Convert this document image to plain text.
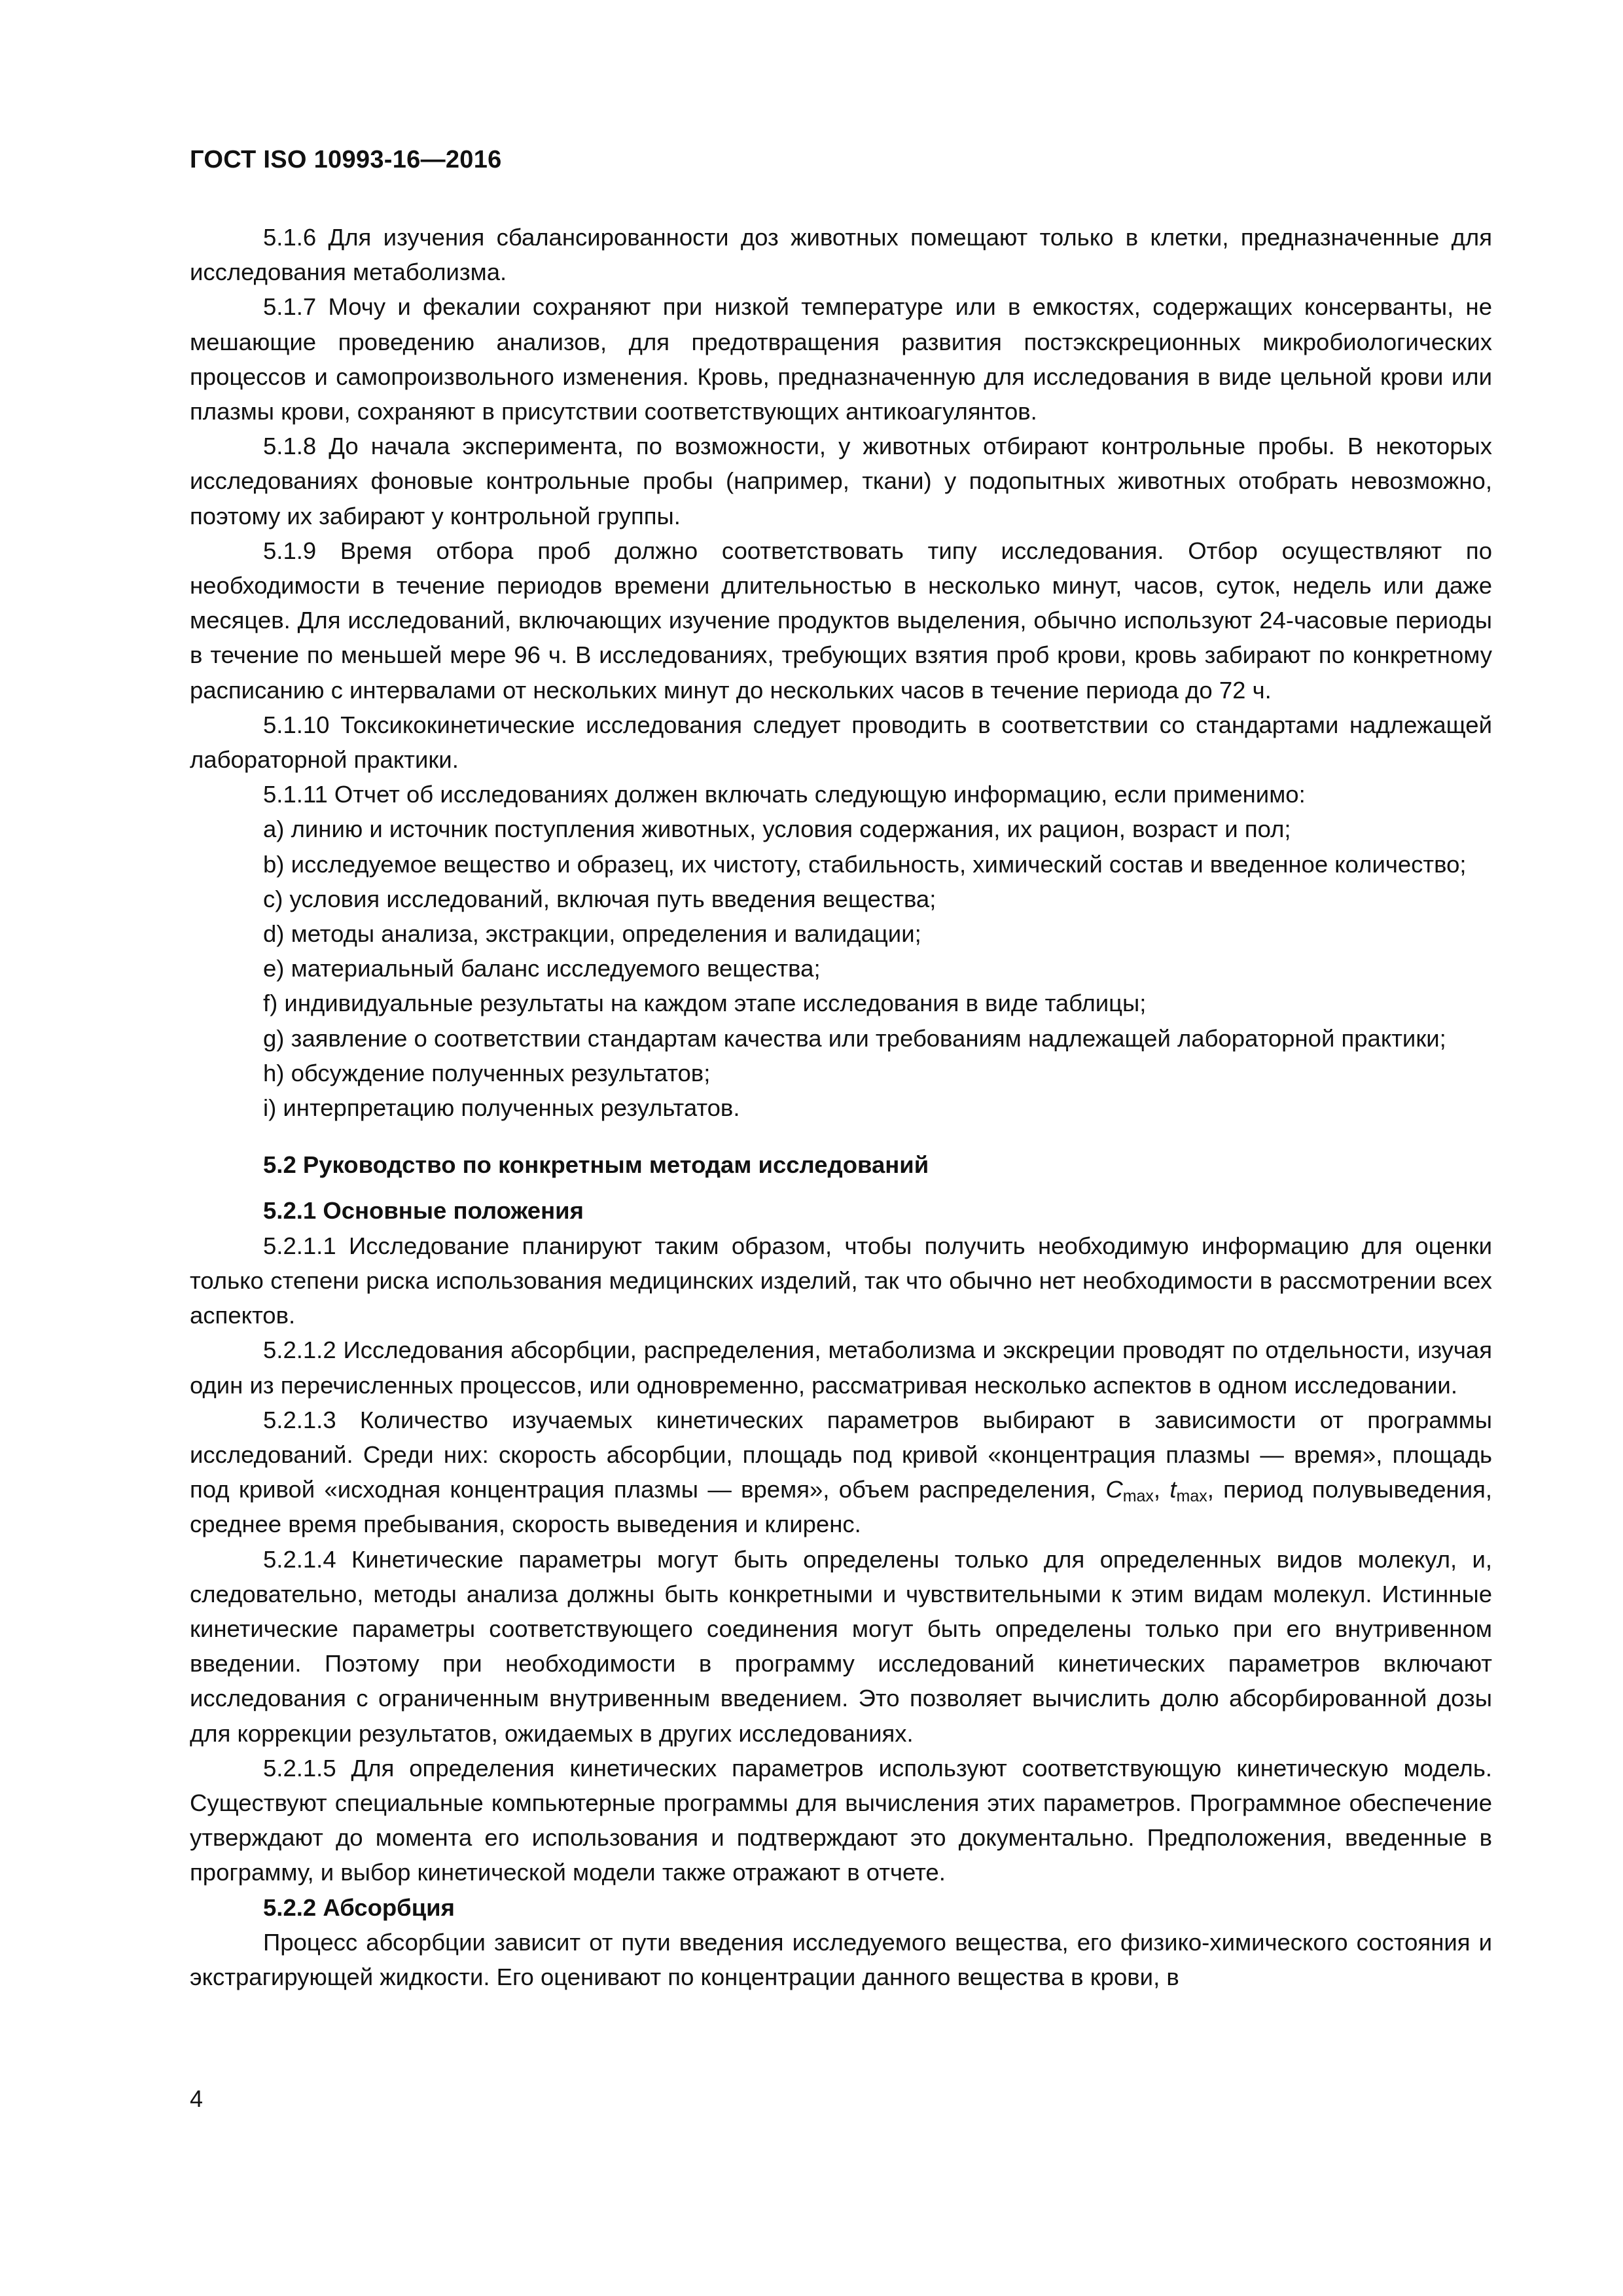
ГОСТ ISO 10993-16—2016

5.1.6 Для изучения сбалансированности доз животных помещают только в клетки, предназначенные для исследования метаболизма.

5.1.7 Мочу и фекалии сохраняют при низкой температуре или в емкостях, содержащих консерванты, не мешающие проведению анализов, для предотвращения развития постэкскреционных микробиологических процессов и самопроизвольного изменения. Кровь, предназначенную для исследования в виде цельной крови или плазмы крови, сохраняют в присутствии соответствующих антикоагулянтов.

5.1.8 До начала эксперимента, по возможности, у животных отбирают контрольные пробы. В некоторых исследованиях фоновые контрольные пробы (например, ткани) у подопытных животных отобрать невозможно, поэтому их забирают у контрольной группы.

5.1.9 Время отбора проб должно соответствовать типу исследования. Отбор осуществляют по необходимости в течение периодов времени длительностью в несколько минут, часов, суток, недель или даже месяцев. Для исследований, включающих изучение продуктов выделения, обычно используют 24-часовые периоды в течение по меньшей мере 96 ч. В исследованиях, требующих взятия проб крови, кровь забирают по конкретному расписанию с интервалами от нескольких минут до нескольких часов в течение периода до 72 ч.

5.1.10 Токсикокинетические исследования следует проводить в соответствии со стандартами надлежащей лабораторной практики.

5.1.11 Отчет об исследованиях должен включать следующую информацию, если применимо:

a) линию и источник поступления животных, условия содержания, их рацион, возраст и пол;

b) исследуемое вещество и образец, их чистоту, стабильность, химический состав и введенное количество;

c) условия исследований, включая путь введения вещества;

d) методы анализа, экстракции, определения и валидации;

e) материальный баланс исследуемого вещества;

f) индивидуальные результаты на каждом этапе исследования в виде таблицы;

g) заявление о соответствии стандартам качества или требованиям надлежащей лабораторной практики;

h) обсуждение полученных результатов;

i) интерпретацию полученных результатов.

5.2 Руководство по конкретным методам исследований
5.2.1 Основные положения

5.2.1.1 Исследование планируют таким образом, чтобы получить необходимую информацию для оценки только степени риска использования медицинских изделий, так что обычно нет необходимости в рассмотрении всех аспектов.

5.2.1.2 Исследования абсорбции, распределения, метаболизма и экскреции проводят по отдельности, изучая один из перечисленных процессов, или одновременно, рассматривая несколько аспектов в одном исследовании.

5.2.1.3 Количество изучаемых кинетических параметров выбирают в зависимости от программы исследований. Среди них: скорость абсорбции, площадь под кривой «концентрация плазмы — время», площадь под кривой «исходная концентрация плазмы — время», объем распределения, $C_{max}$, $t_{max}$, период полувыведения, среднее время пребывания, скорость выведения и клиренс.

5.2.1.4 Кинетические параметры могут быть определены только для определенных видов молекул, и, следовательно, методы анализа должны быть конкретными и чувствительными к этим видам молекул. Истинные кинетические параметры соответствующего соединения могут быть определены только при его внутривенном введении. Поэтому при необходимости в программу исследований кинетических параметров включают исследования с ограниченным внутривенным введением. Это позволяет вычислить долю абсорбированной дозы для коррекции результатов, ожидаемых в других исследованиях.

5.2.1.5 Для определения кинетических параметров используют соответствующую кинетическую модель. Существуют специальные компьютерные программы для вычисления этих параметров. Программное обеспечение утверждают до момента его использования и подтверждают это документально. Предположения, введенные в программу, и выбор кинетической модели также отражают в отчете.

5.2.2 Абсорбция

Процесс абсорбции зависит от пути введения исследуемого вещества, его физико-химического состояния и экстрагирующей жидкости. Его оценивают по концентрации данного вещества в крови, в

4
